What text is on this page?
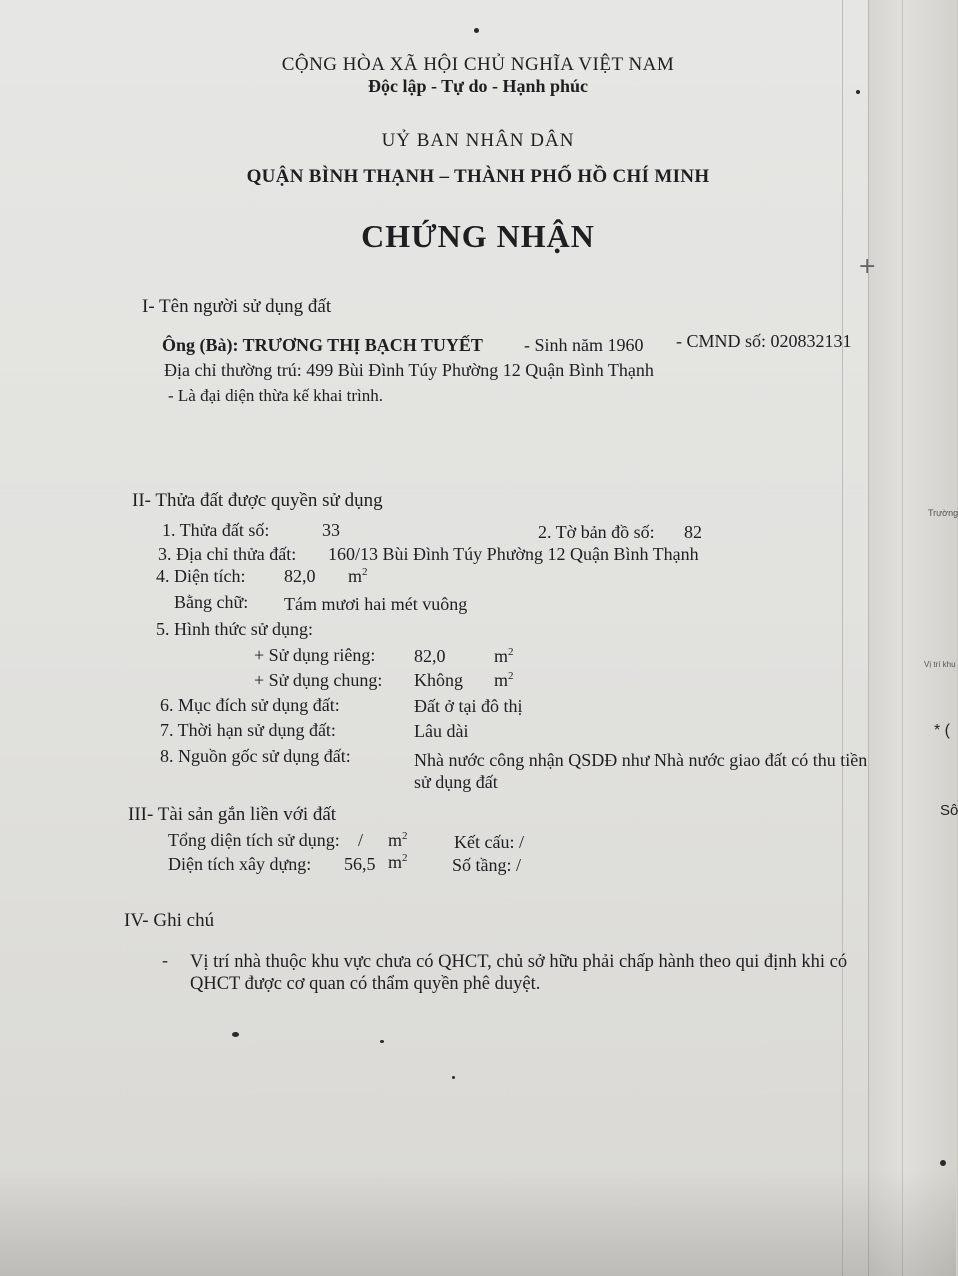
+
Trường
Vị trí khu
* (
Sô
CỘNG HÒA XÃ HỘI CHỦ NGHĨA VIỆT NAM
Độc lập - Tự do - Hạnh phúc
UỶ BAN NHÂN DÂN
QUẬN BÌNH THẠNH – THÀNH PHỐ HỒ CHÍ MINH
CHỨNG NHẬN
I- Tên người sử dụng đất
Ông (Bà): TRƯƠNG THỊ BẠCH TUYẾT - Sinh năm 1960 - CMND số: 020832131
Địa chỉ thường trú: 499 Bùi Đình Túy Phường 12 Quận Bình Thạnh
- Là đại diện thừa kế khai trình.
II- Thửa đất được quyền sử dụng
1. Thửa đất số:	33	2. Tờ bản đồ số: 82
3. Địa chỉ thửa đất: 160/13 Bùi Đình Túy Phường 12 Quận Bình Thạnh
4. Diện tích: 82,0 $m^2$
Bằng chữ: Tám mươi hai mét vuông
5. Hình thức sử dụng:
+ Sử dụng riêng: 82,0	$m^2$
+ Sử dụng chung: Không $m^2$
6. Mục đích sử dụng đất:	Đất ở tại đô thị
7. Thời hạn sử dụng đất:	Lâu dài
8. Nguồn gốc sử dụng đất:	Nhà nước công nhận QSDĐ như Nhà nước giao đất có thu tiền
sử dụng đất
III- Tài sản gắn liền với đất
Tổng diện tích sử dụng: / $m^2$	Kết cấu: /
Diện tích xây dựng: 56,5 $m^2$ Số tầng: /
IV- Ghi chú
- Vị trí nhà thuộc khu vực chưa có QHCT, chủ sở hữu phải chấp hành theo qui định khi có
QHCT được cơ quan có thẩm quyền phê duyệt.
